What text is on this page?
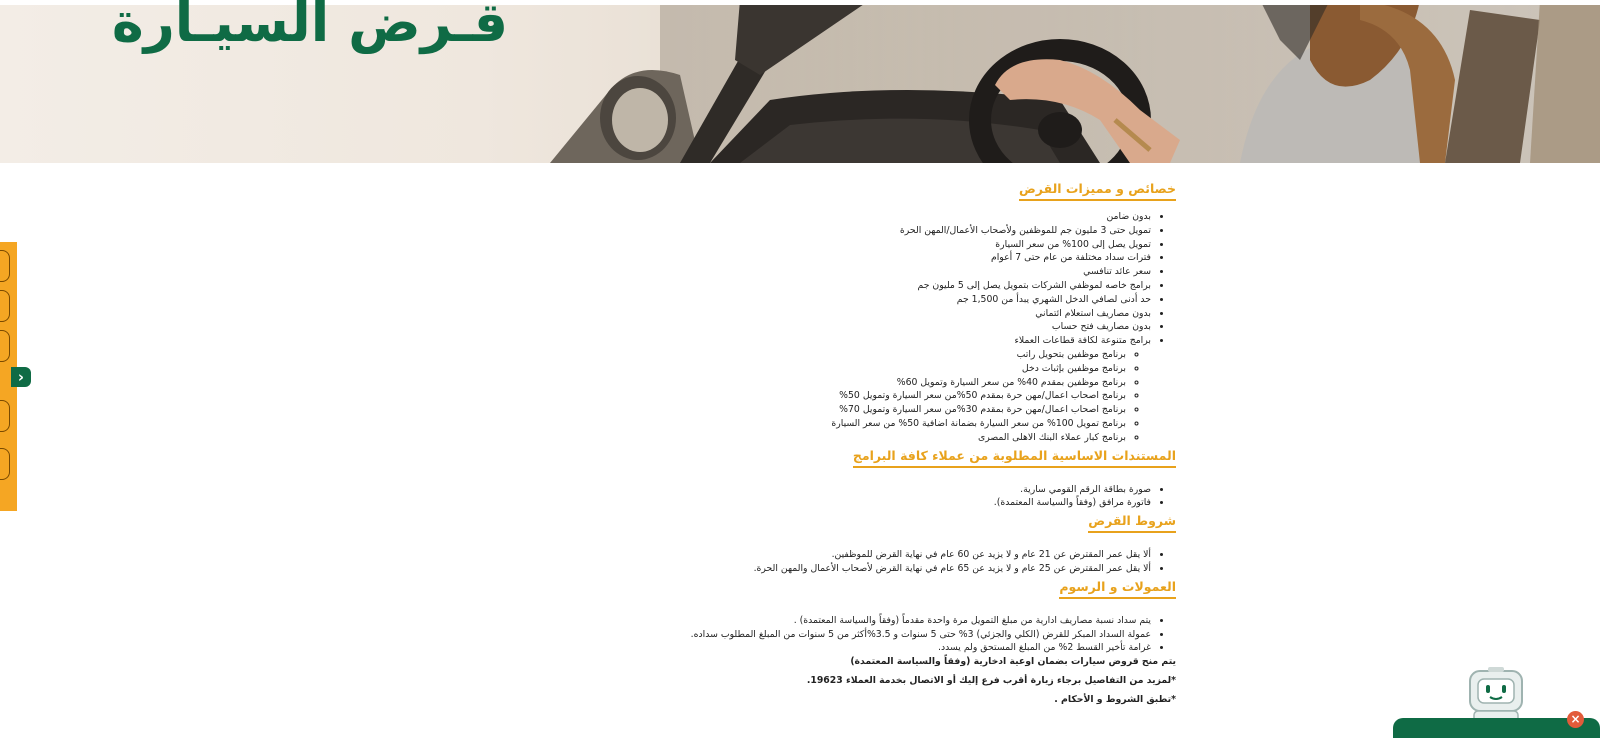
قـرض السيـارة
›
خصائص و مميزات القرض
• بدون ضامن
• تمويل حتى 3 مليون جم للموظفين ولأصحاب الأعمال/المهن الحرة
• تمويل يصل إلى 100% من سعر السيارة
• فترات سداد مختلفة من عام حتى 7 أعوام
• سعر عائد تنافسي
• برامج خاصه لموظفي الشركات بتمويل يصل إلى 5 مليون جم
• حد أدنى لصافي الدخل الشهري يبدأ من 1,500 جم
• بدون مصاريف استعلام ائتماني
• بدون مصاريف فتح حساب
• برامج متنوعة لكافة قطاعات العملاء
◦ برنامج موظفين بتحويل راتب
◦ برنامج موظفين بإثبات دخل
◦ برنامج موظفين بمقدم 40% من سعر السيارة وتمويل 60%
◦ برنامج اصحاب اعمال/مهن حرة بمقدم 50%من سعر السيارة وتمويل 50%
◦ برنامج اصحاب اعمال/مهن حرة بمقدم 30%من سعر السيارة وتمويل 70%
◦ برنامج تمويل 100% من سعر السيارة بضمانة اضافية 50% من سعر السيارة
◦ برنامج كبار عملاء البنك الاهلى المصرى
المستندات الاساسية المطلوبة من عملاء كافة البرامج
• صورة بطاقة الرقم القومي سارية.
• فاتورة مرافق (وفقاً والسياسة المعتمدة).
شروط القرض
• ألا يقل عمر المقترض عن 21 عام و لا يزيد عن 60 عام في نهاية القرض للموظفين.
• ألا يقل عمر المقترض عن 25 عام و لا يزيد عن 65 عام في نهاية القرض لأصحاب الأعمال والمهن الحرة.
العمولات و الرسوم
• يتم سداد نسبة مصاريف ادارية من مبلغ التمويل مرة واحدة مقدماً (وفقاً والسياسة المعتمدة) .
• عمولة السداد المبكر للقرض (الكلي والجزئي) 3% حتى 5 سنوات و 3.5%أكثر من 5 سنوات من المبلغ المطلوب سداده.
• غرامة تأخير القسط 2% من المبلغ المستحق ولم يسدد.
يتم منح قروض سيارات بضمان اوعية ادخارية (وفقاً والسياسة المعتمدة)
*لمزيد من التفاصيل برجاء زيارة أقرب فرع إليك أو الاتصال بخدمة العملاء 19623.
*تطبق الشروط و الأحكام .
×
